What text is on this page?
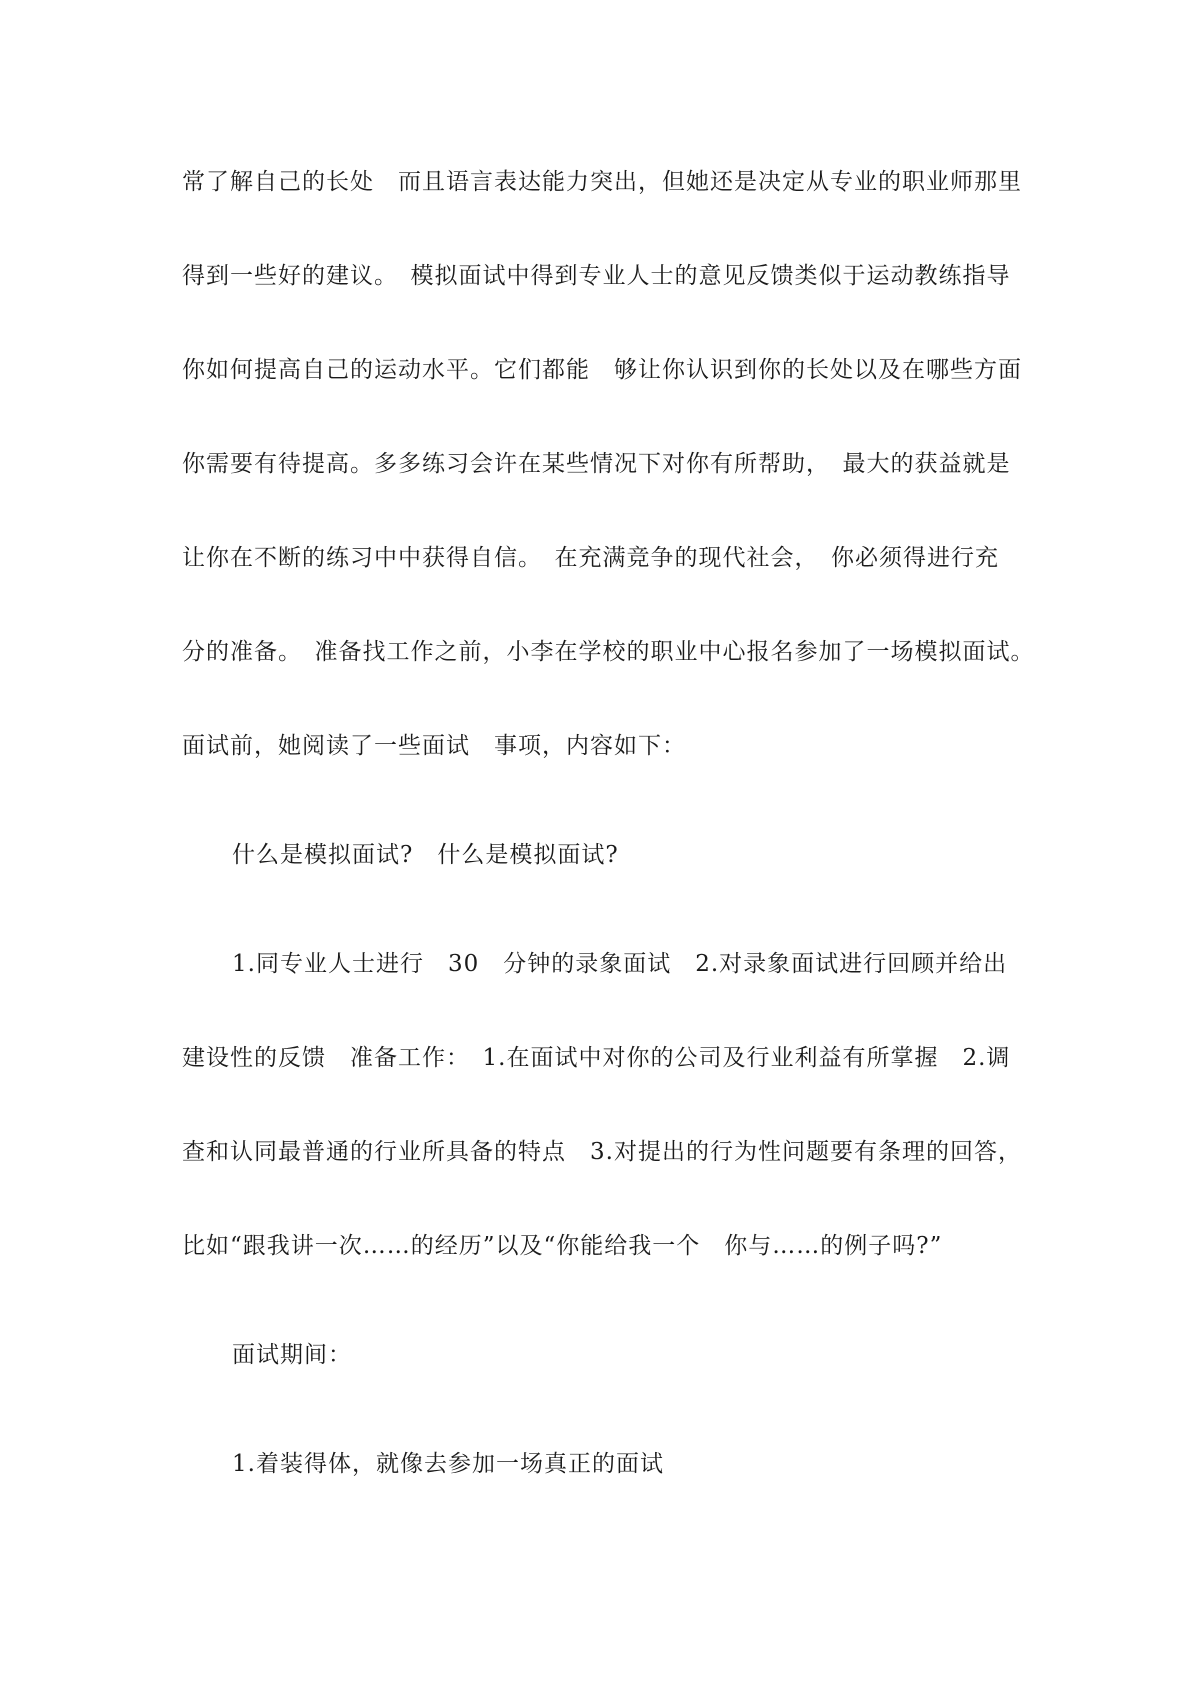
常了解自己的长处　而且语言表达能力突出，但她还是决定从专业的职业师那里
得到一些好的建议。　模拟面试中得到专业人士的意见反馈类似于运动教练指导
你如何提高自己的运动水平。它们都能　够让你认识到你的长处以及在哪些方面
你需要有待提高。多多练习会许在某些情况下对你有所帮助，　最大的获益就是
让你在不断的练习中中获得自信。　在充满竞争的现代社会，　你必须得进行充
分的准备。　准备找工作之前，小李在学校的职业中心报名参加了一场模拟面试。
面试前，她阅读了一些面试　事项，内容如下：
什么是模拟面试?　什么是模拟面试?
1.同专业人士进行　30　分钟的录象面试　2.对录象面试进行回顾并给出
建设性的反馈　准备工作：　1.在面试中对你的公司及行业利益有所掌握　2.调
查和认同最普通的行业所具备的特点　3.对提出的行为性问题要有条理的回答，
比如“跟我讲一次……的经历”以及“你能给我一个　你与……的例子吗?”
面试期间：
1.着装得体，就像去参加一场真正的面试
